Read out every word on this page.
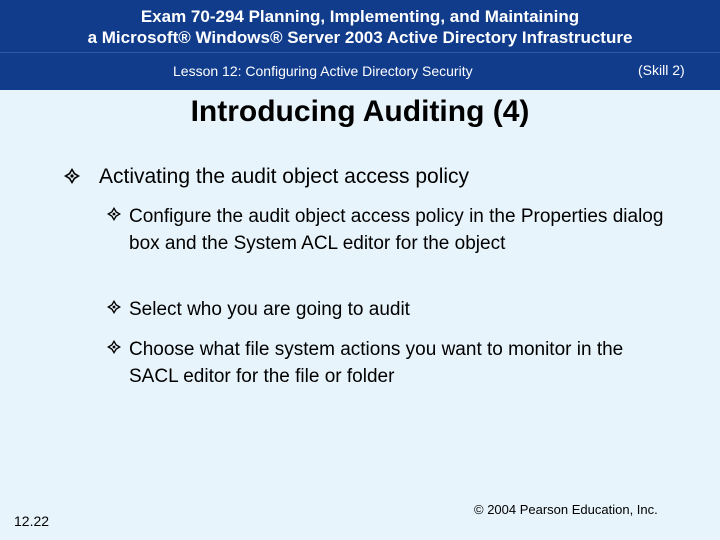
Exam 70-294 Planning, Implementing, and Maintaining
a Microsoft® Windows® Server 2003 Active Directory Infrastructure
Lesson 12: Configuring Active Directory Security	(Skill 2)
Introducing Auditing (4)
Activating the audit object access policy
Configure the audit object access policy in the Properties dialog box and the System ACL editor for the object
Select who you are going to audit
Choose what file system actions you want to monitor in the SACL editor for the file or folder
12.22
© 2004 Pearson Education, Inc.
